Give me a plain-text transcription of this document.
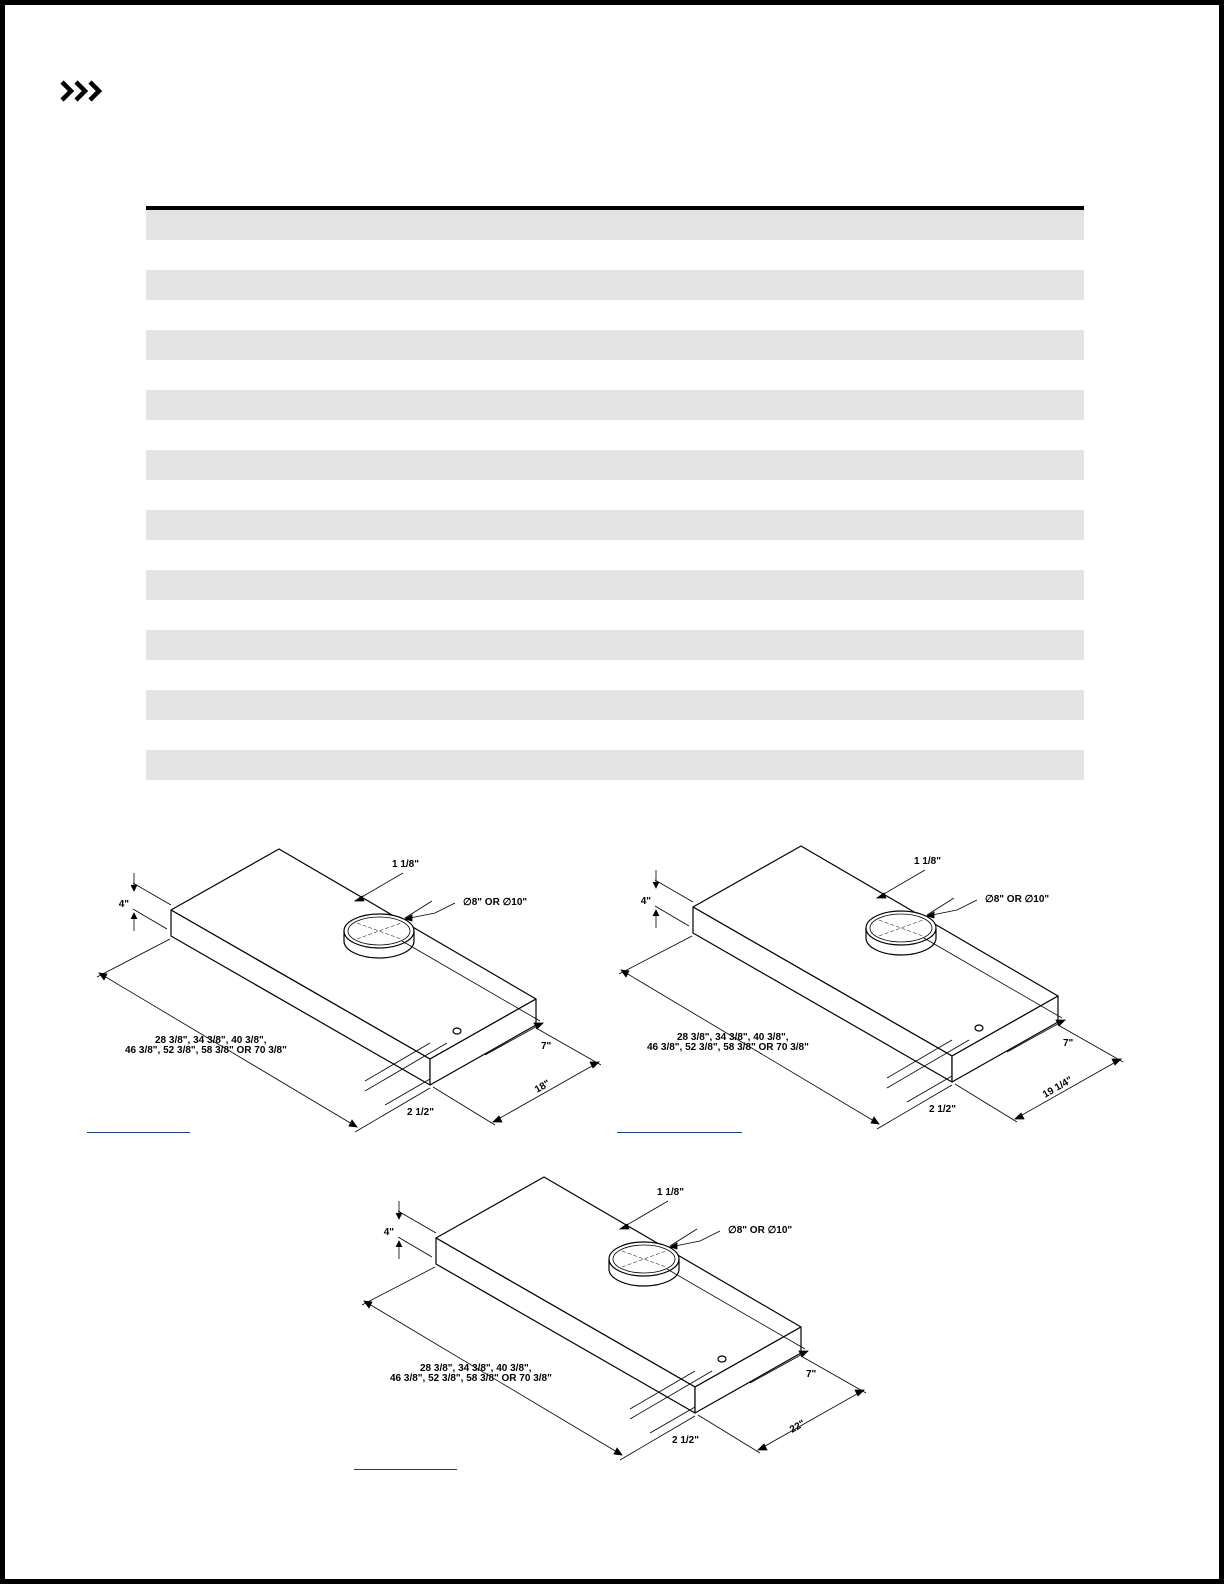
4"
1 1/8"
∅8" OR ∅10"
28 3/8", 34 3/8", 40 3/8",
46 3/8", 52 3/8", 58 3/8" OR 70 3/8"
2 1/2"
7"
18"
4"
1 1/8"
∅8" OR ∅10"
28 3/8", 34 3/8", 40 3/8",
46 3/8", 52 3/8", 58 3/8" OR 70 3/8"
2 1/2"
7"
19 1/4"
4"
1 1/8"
∅8" OR ∅10"
28 3/8", 34 3/8", 40 3/8",
46 3/8", 52 3/8", 58 3/8" OR 70 3/8"
2 1/2"
7"
22"
